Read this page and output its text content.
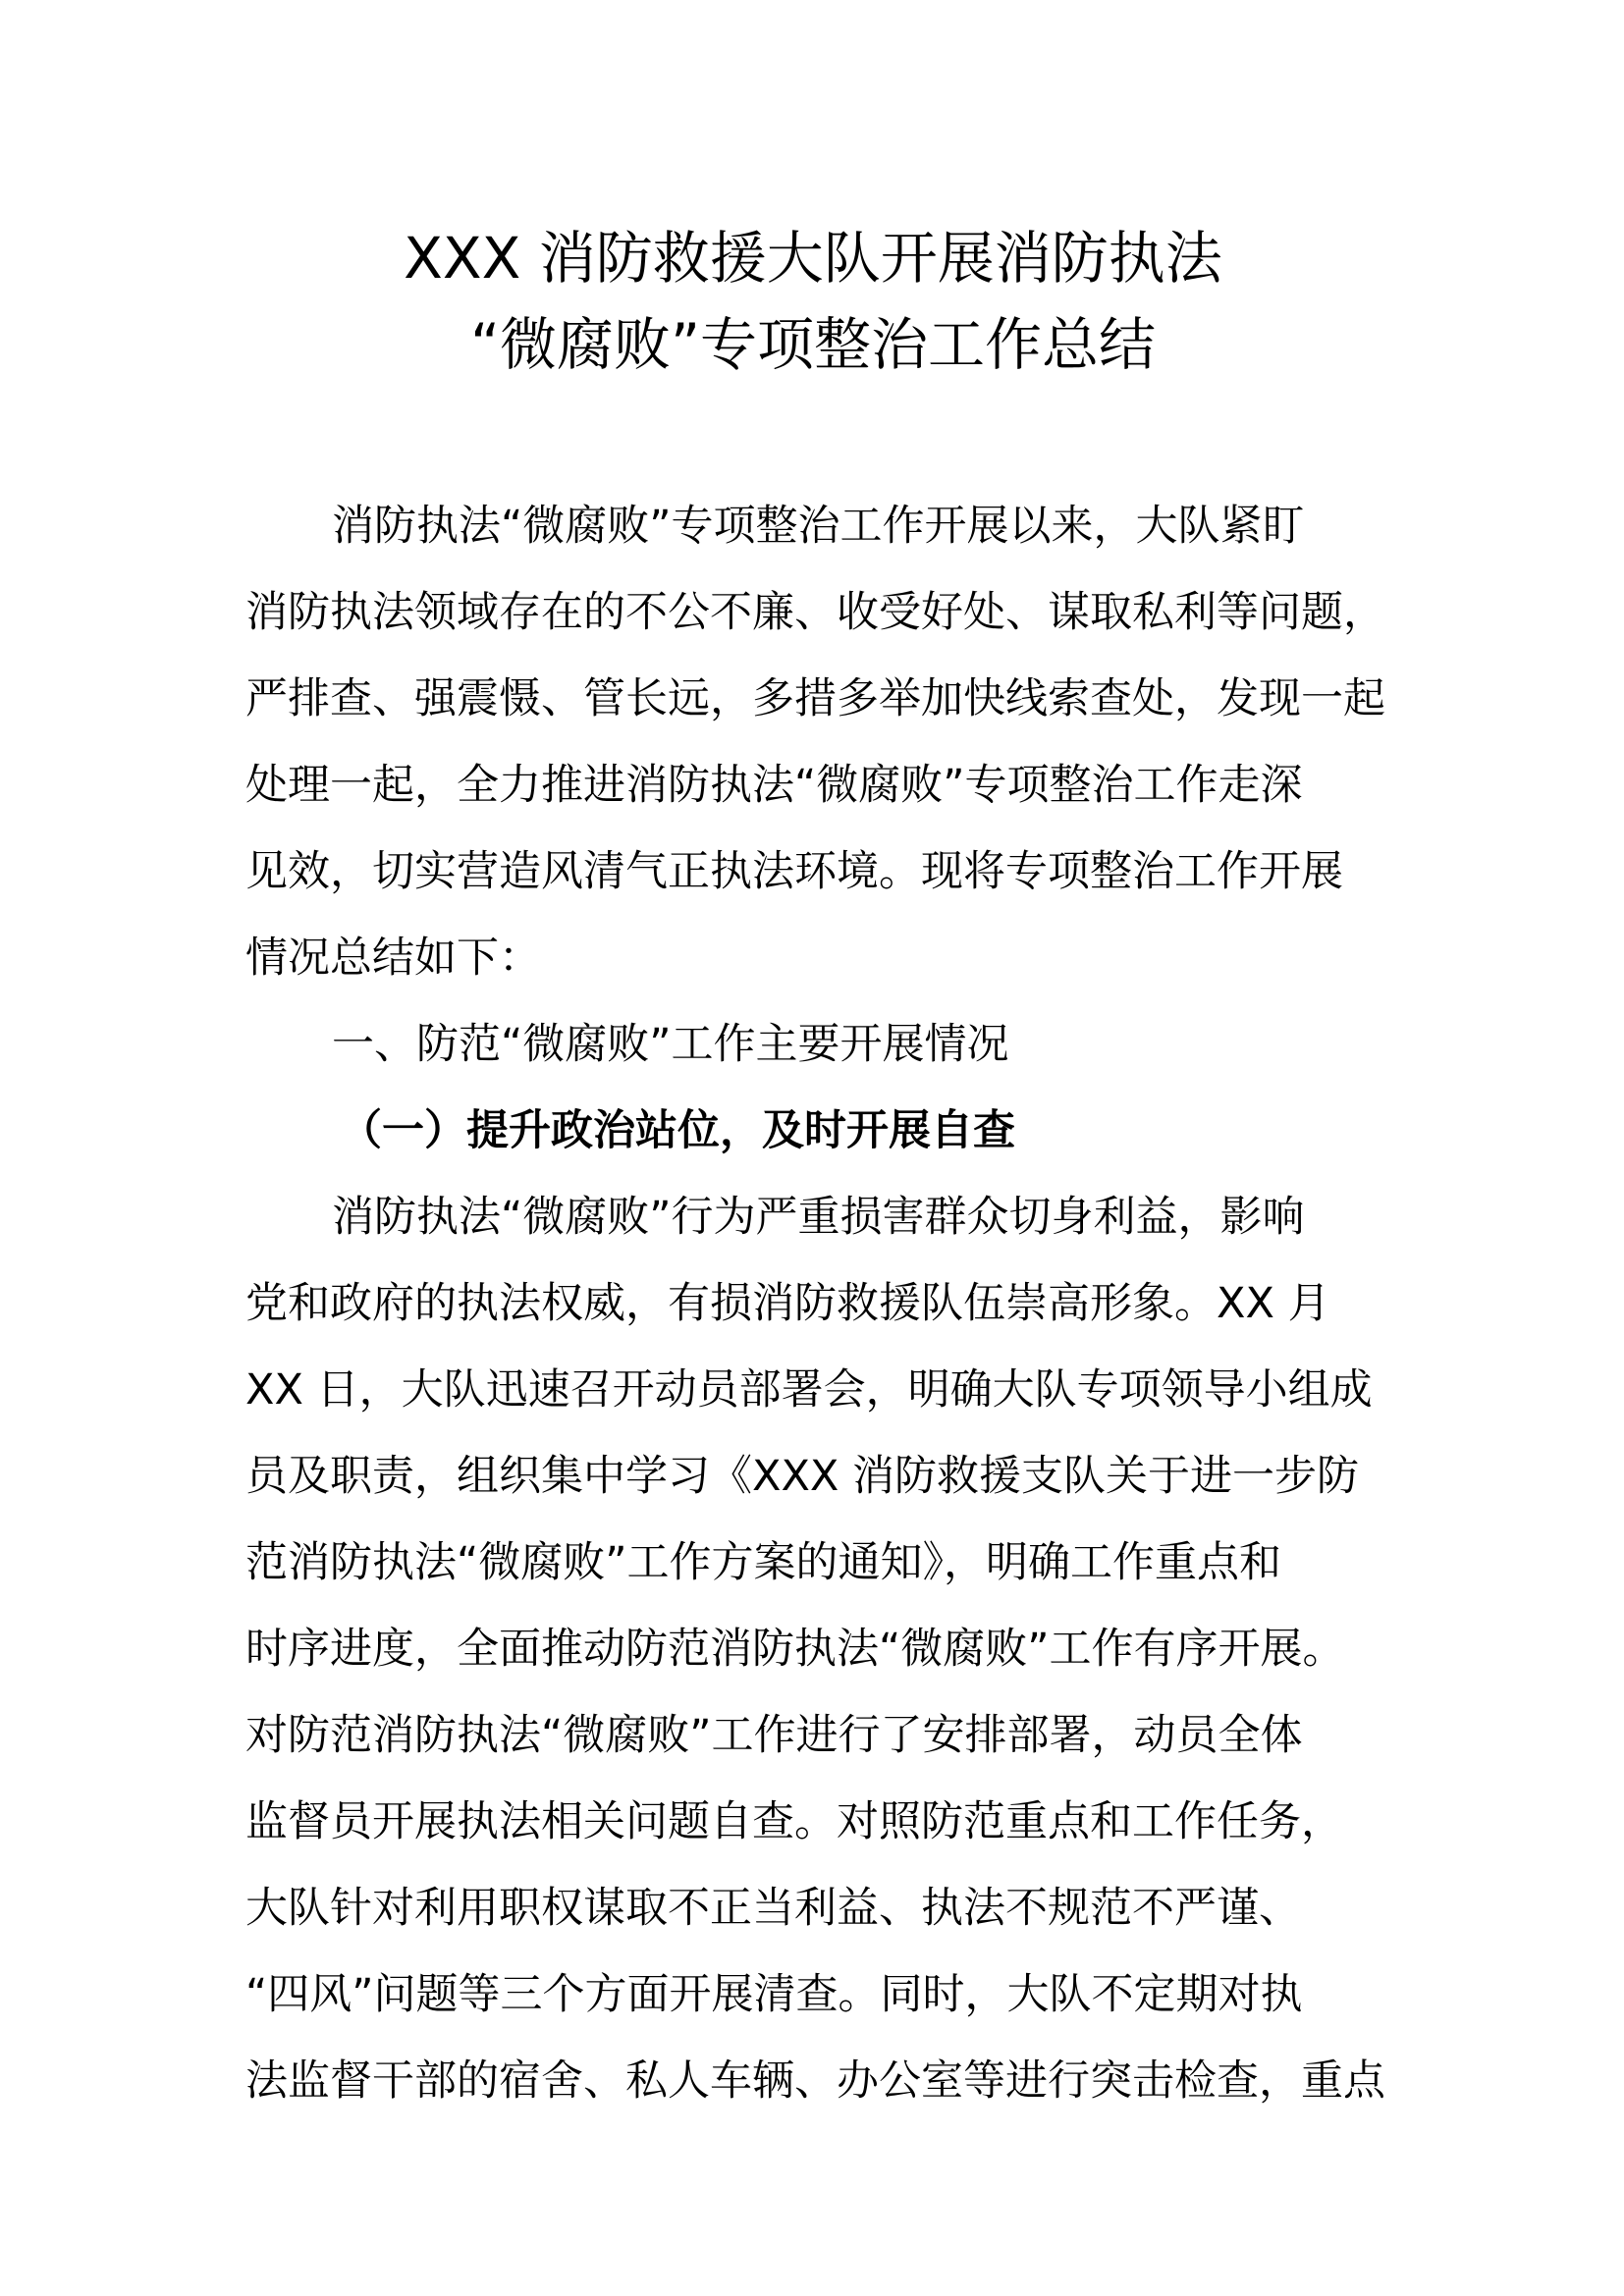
XXX 消防救援大队开展消防执法
“微腐败”专项整治工作总结
消防执法“微腐败”专项整治工作开展以来，大队紧盯
消防执法领域存在的不公不廉、收受好处、谋取私利等问题，
严排查、强震慑、管长远，多措多举加快线索查处，发现一起
处理一起，全力推进消防执法“微腐败”专项整治工作走深
见效，切实营造风清气正执法环境。现将专项整治工作开展
情况总结如下：
一、防范“微腐败”工作主要开展情况
（一）提升政治站位，及时开展自查
消防执法“微腐败”行为严重损害群众切身利益，影响
党和政府的执法权威，有损消防救援队伍崇高形象。XX 月
XX 日，大队迅速召开动员部署会，明确大队专项领导小组成
员及职责，组织集中学习《XXX 消防救援支队关于进一步防
范消防执法“微腐败”工作方案的通知》，明确工作重点和
时序进度，全面推动防范消防执法“微腐败”工作有序开展。
对防范消防执法“微腐败”工作进行了安排部署，动员全体
监督员开展执法相关问题自查。对照防范重点和工作任务，
大队针对利用职权谋取不正当利益、执法不规范不严谨、
“四风”问题等三个方面开展清查。同时，大队不定期对执
法监督干部的宿舍、私人车辆、办公室等进行突击检查，重点
